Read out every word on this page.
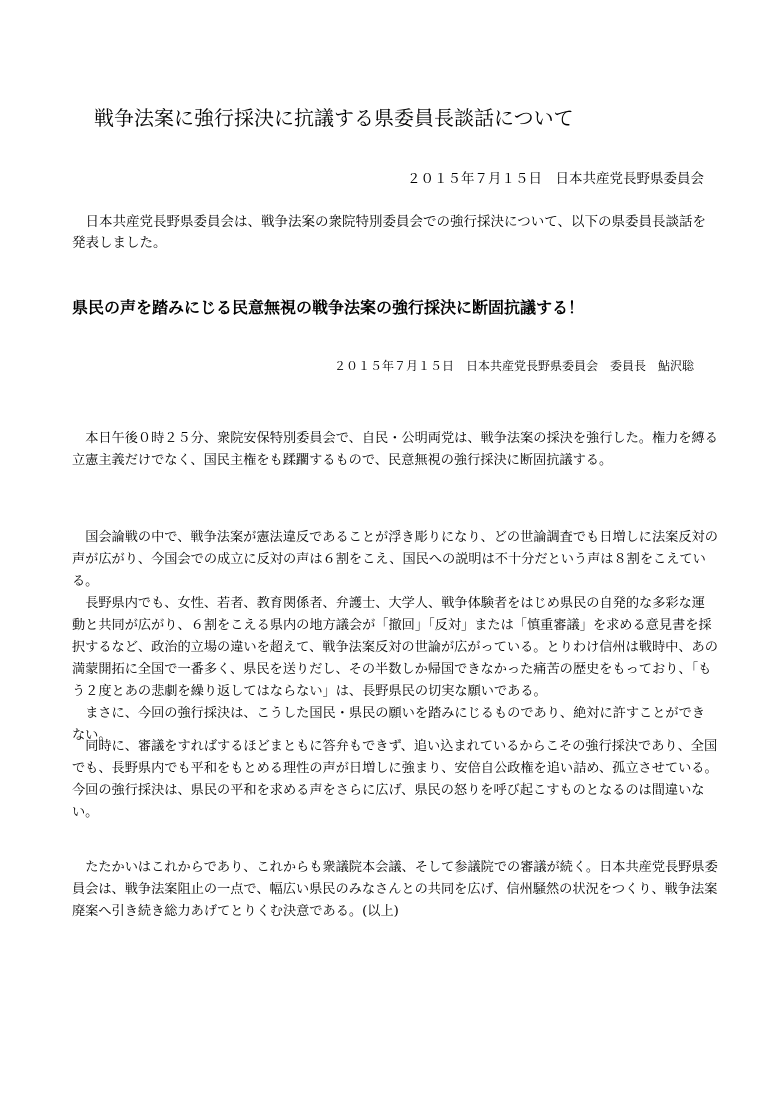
戦争法案に強行採決に抗議する県委員長談話について
２０１５年７月１５日　日本共産党長野県委員会
日本共産党長野県委員会は、戦争法案の衆院特別委員会での強行採決について、以下の県委員長談話を発表しました。
県民の声を踏みにじる民意無視の戦争法案の強行採決に断固抗議する！
２０１５年７月１５日　日本共産党長野県委員会　委員長　鮎沢聡

本日午後０時２５分、衆院安保特別委員会で、自民・公明両党は、戦争法案の採決を強行した。権力を縛る立憲主義だけでなく、国民主権をも蹂躙するもので、民意無視の強行採決に断固抗議する。

国会論戦の中で、戦争法案が憲法違反であることが浮き彫りになり、どの世論調査でも日増しに法案反対の声が広がり、今国会での成立に反対の声は６割をこえ、国民への説明は不十分だという声は８割をこえている。

長野県内でも、女性、若者、教育関係者、弁護士、大学人、戦争体験者をはじめ県民の自発的な多彩な運動と共同が広がり、６割をこえる県内の地方議会が「撤回」「反対」または「慎重審議」を求める意見書を採択するなど、政治的立場の違いを超えて、戦争法案反対の世論が広がっている。とりわけ信州は戦時中、あの満蒙開拓に全国で一番多く、県民を送りだし、その半数しか帰国できなかった痛苦の歴史をもっており、「もう２度とあの悲劇を繰り返してはならない」は、長野県民の切実な願いである。

まさに、今回の強行採決は、こうした国民・県民の願いを踏みにじるものであり、絶対に許すことができない。

同時に、審議をすればするほどまともに答弁もできず、追い込まれているからこその強行採決であり、全国でも、長野県内でも平和をもとめる理性の声が日増しに強まり、安倍自公政権を追い詰め、孤立させている。今回の強行採決は、県民の平和を求める声をさらに広げ、県民の怒りを呼び起こすものとなるのは間違いない。

たたかいはこれからであり、これからも衆議院本会議、そして参議院での審議が続く。日本共産党長野県委員会は、戦争法案阻止の一点で、幅広い県民のみなさんとの共同を広げ、信州騒然の状況をつくり、戦争法案廃案へ引き続き総力あげてとりくむ決意である。(以上)
